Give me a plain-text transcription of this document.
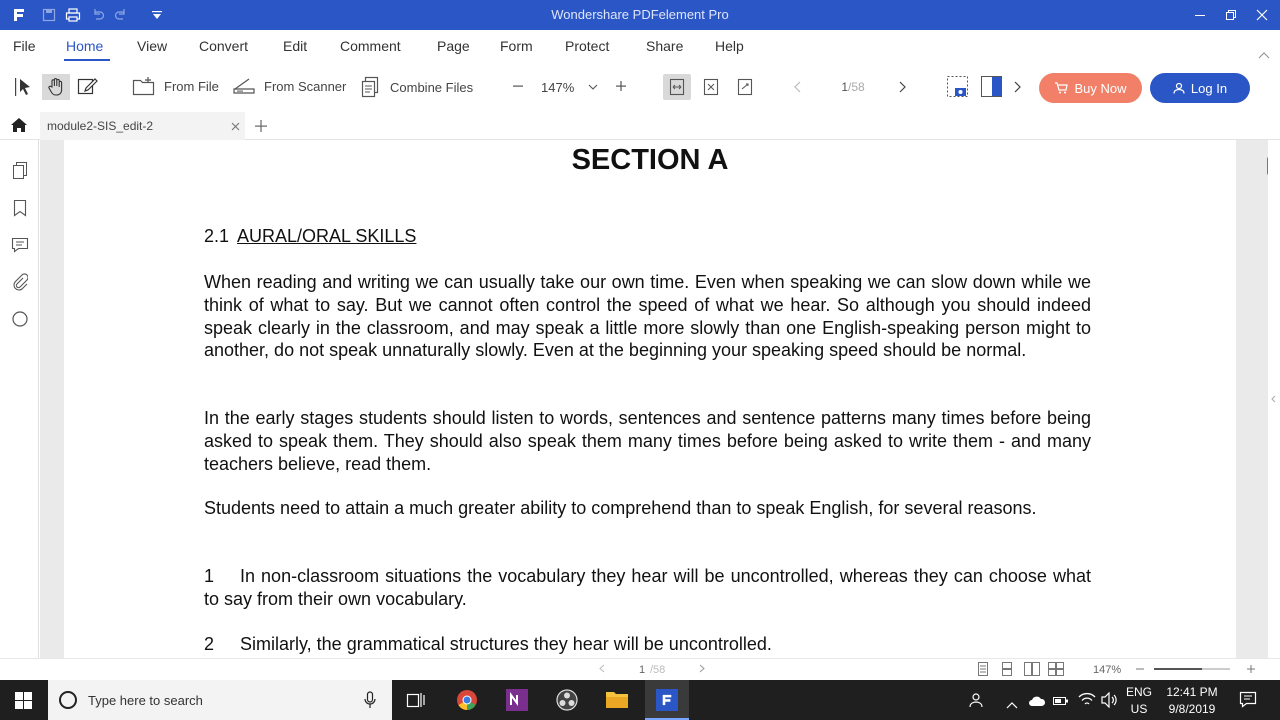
Wondershare PDFelement Pro
File Home View Convert Edit Comment	Page Form Protect	Share Help
From File	From Scanner	Combine Files	147%	1 /58	Buy Now	Log In
module2-SIS_edit-2
SECTION A
2.1 AURAL/ORAL SKILLS
When reading and writing we can usually take our own time. Even when speaking we can slow down while we think of what to say. But we cannot often control the speed of what we hear. So although you should indeed speak clearly in the classroom, and may speak a little more slowly than one English-speaking person might to another, do not speak unnaturally slowly. Even at the beginning your speaking speed should be normal.
In the early stages students should listen to words, sentences and sentence patterns many times before being asked to speak them. They should also speak them many times before being asked to write them - and many teachers believe, read them.
Students need to attain a much greater ability to comprehend than to speak English, for several reasons.
1 In non-classroom situations the vocabulary they hear will be uncontrolled, whereas they can choose what to say from their own vocabulary.
2 Similarly, the grammatical structures they hear will be uncontrolled.
1 /58	147%
Type here to search
ENG
US
12:41 PM
9/8/2019
